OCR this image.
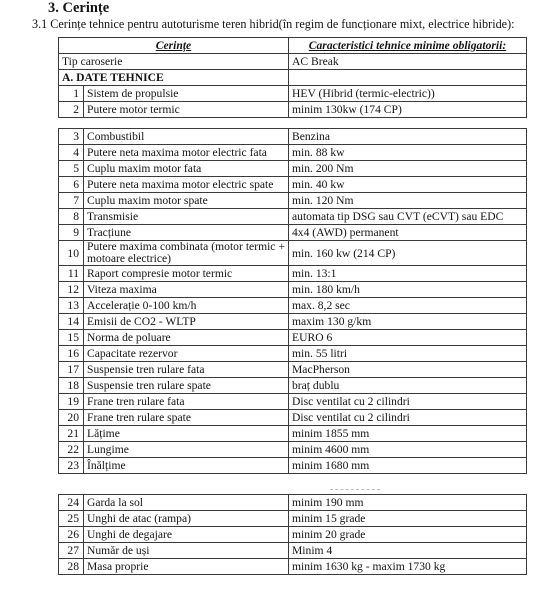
3. Cerințe
3.1 Cerințe tehnice pentru autoturisme teren hibrid(în regim de funcționare mixt, electrice hibride):
Cerințe		Caracteristici tehnice minime obligatorii:
Tip caroserie		AC Break
A. DATE TEHNICE		
1	Sistem de propulsie	HEV (Hibrid (termic-electric))
2	Putere motor termic	minim 130kw (174 CP)
3	Combustibil	Benzina
4	Putere neta maxima motor electric fata	min. 88 kw
5	Cuplu maxim motor fata	min. 200 Nm
6	Putere neta maxima motor electric spate	min. 40 kw
7	Cuplu maxim motor spate	min. 120 Nm
8	Transmisie	automata tip DSG sau CVT (eCVT) sau EDC
9	Tracțiune	4x4 (AWD) permanent
10	Putere maxima combinata (motor termic + motoare electrice)	min. 160 kw (214 CP)
11	Raport compresie motor termic	min. 13:1
12	Viteza maxima	min. 180 km/h
13	Accelerație 0-100 km/h	max. 8,2 sec
14	Emisii de CO2 - WLTP	maxim 130 g/km
15	Norma de poluare	EURO 6
16	Capacitate rezervor	min. 55 litri
17	Suspensie tren rulare fata	MacPherson
18	Suspensie tren rulare spate	braț dublu
19	Frane tren rulare fata	Disc ventilat cu 2 cilindri
20	Frane tren rulare spate	Disc ventilat cu 2 cilindri
21	Lățime	minim 1855 mm
22	Lungime	minim 4600 mm
23	Înălțime	minim 1680 mm
24	Garda la sol	minim 190 mm
25	Unghi de atac (rampa)	minim 15 grade
26	Unghi de degajare	minim 20 grade
27	Număr de uși	Minim 4
28	Masa proprie	minim 1630 kg - maxim 1730 kg
